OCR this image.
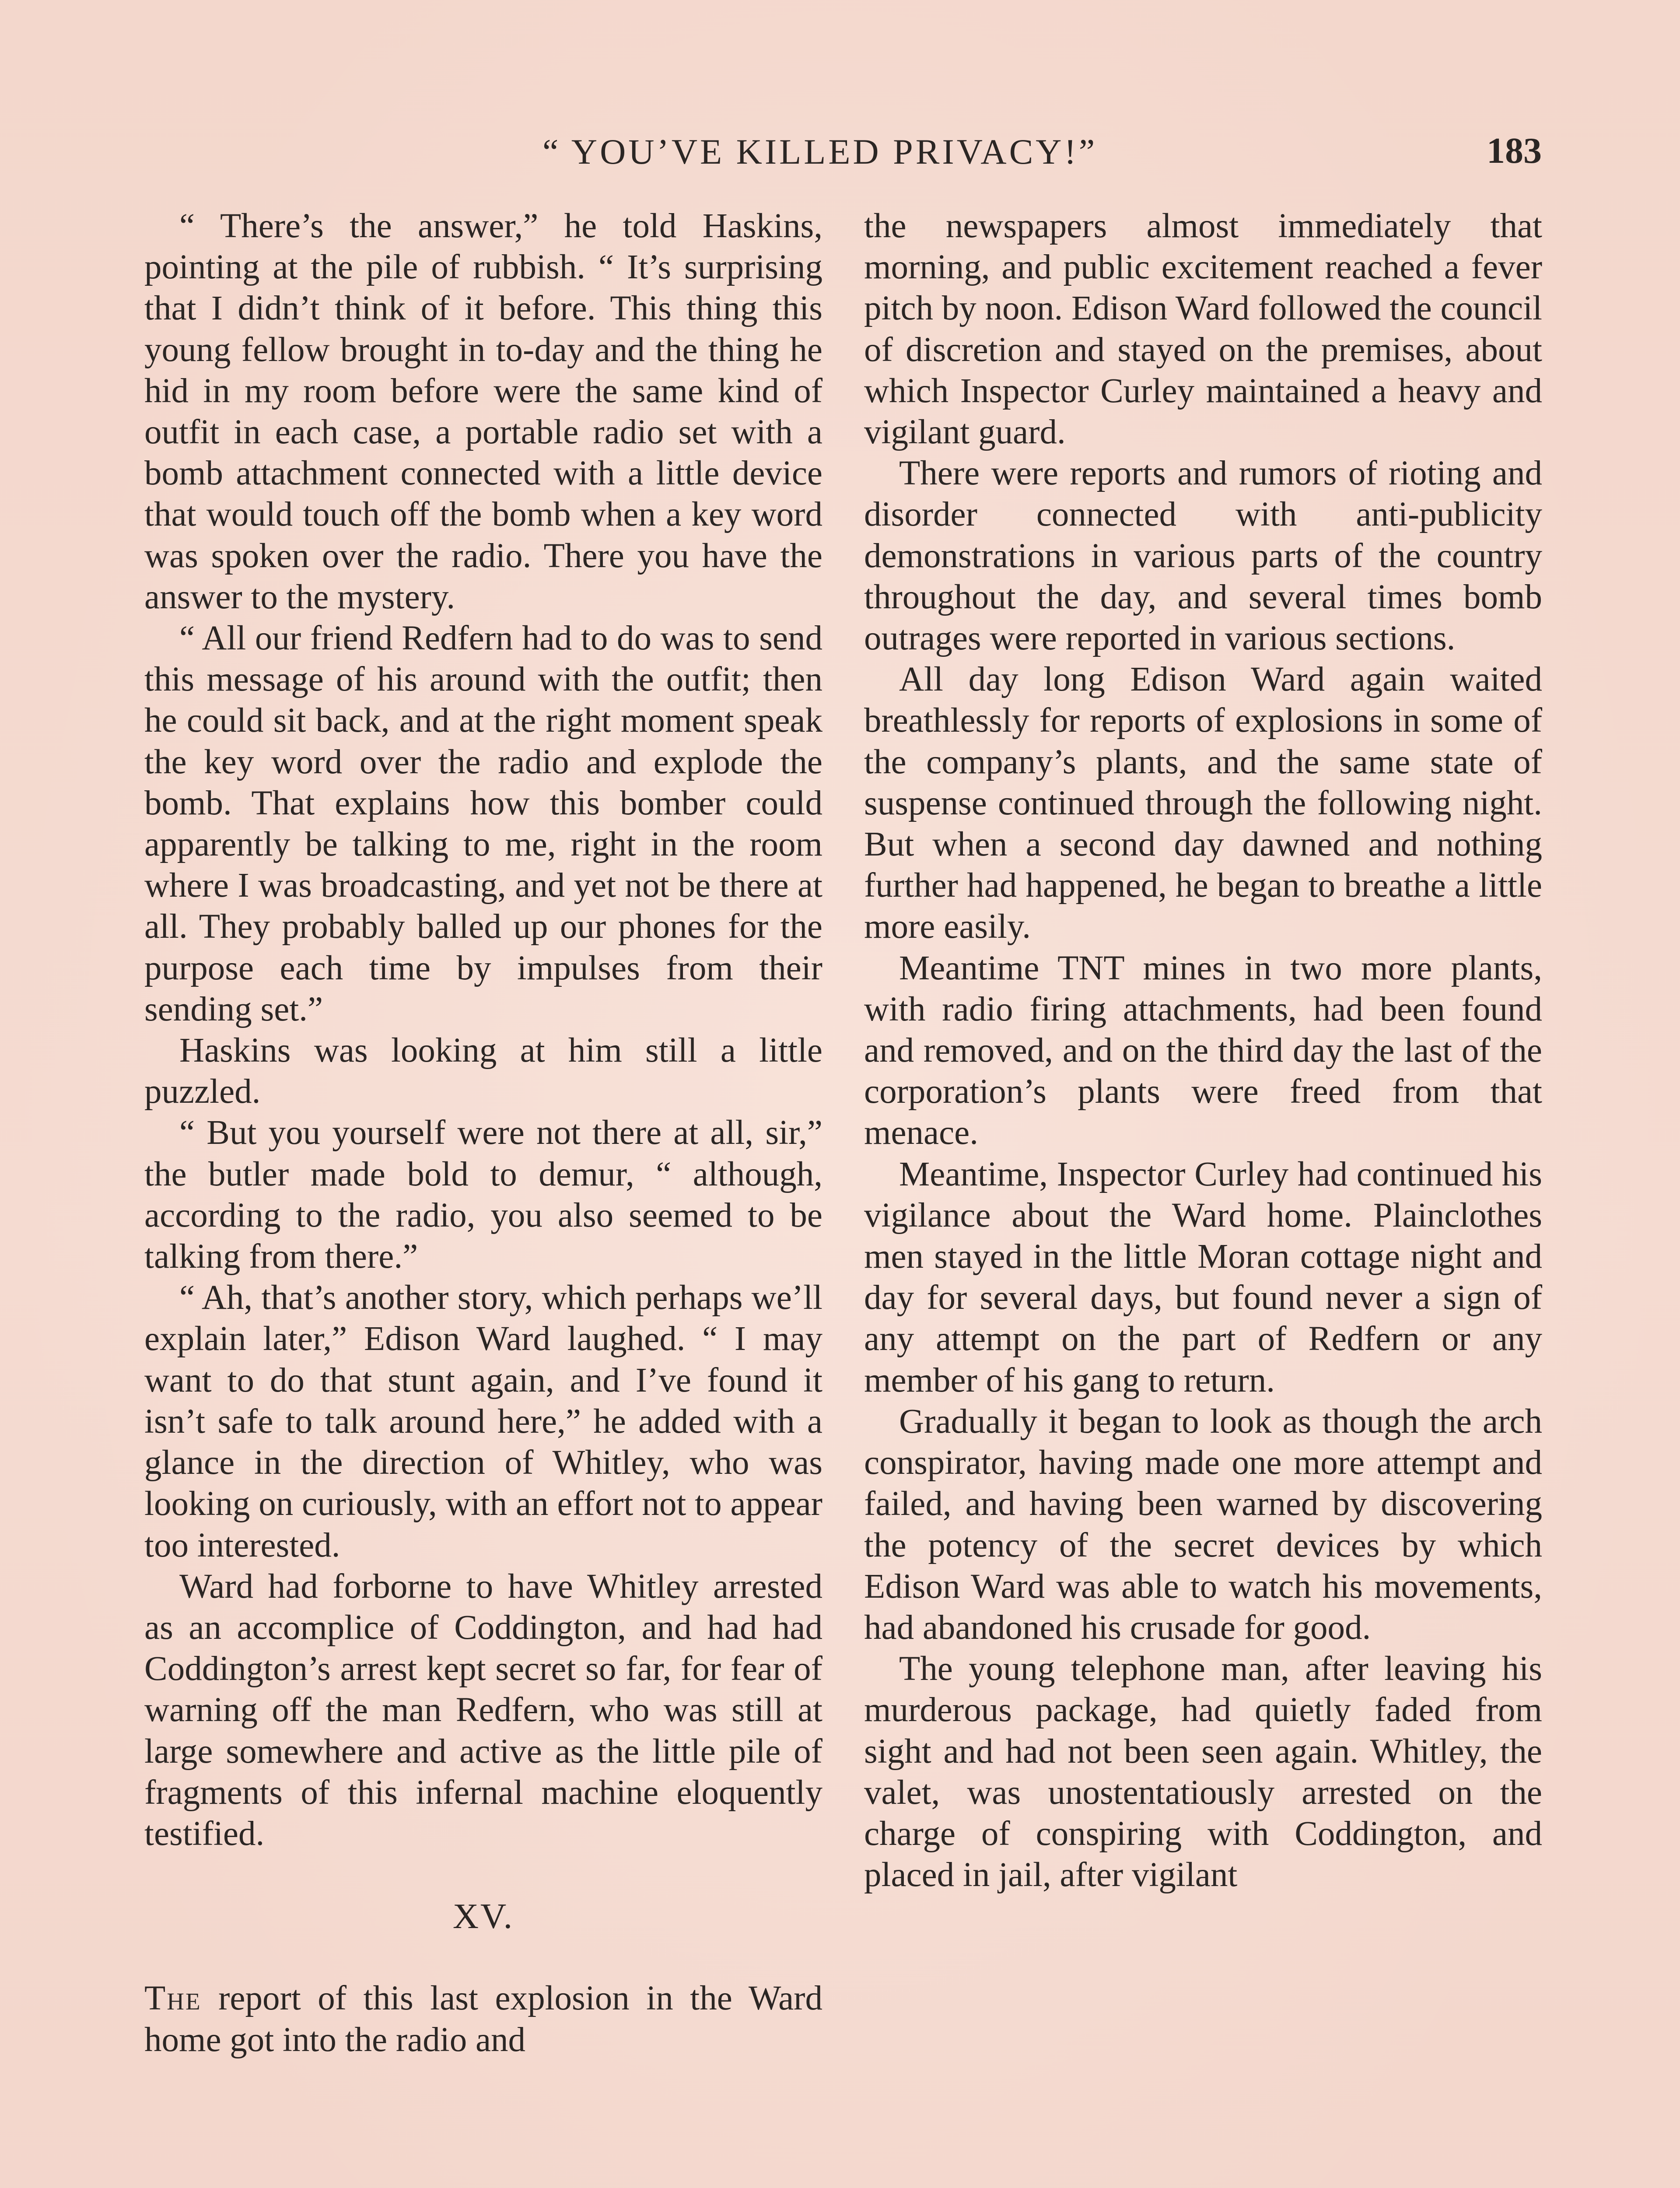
“ YOU’VE KILLED PRIVACY!”	183

“ There’s the answer,” he told Haskins, pointing at the pile of rubbish. “ It’s surprising that I didn’t think of it before. This thing this young fellow brought in to-day and the thing he hid in my room before were the same kind of outfit in each case, a portable radio set with a bomb attachment connected with a little device that would touch off the bomb when a key word was spoken over the radio. There you have the answer to the mystery.

“ All our friend Redfern had to do was to send this message of his around with the outfit; then he could sit back, and at the right moment speak the key word over the radio and explode the bomb. That explains how this bomber could apparently be talking to me, right in the room where I was broadcasting, and yet not be there at all. They probably balled up our phones for the purpose each time by impulses from their sending set.”

Haskins was looking at him still a little puzzled.

“ But you yourself were not there at all, sir,” the butler made bold to demur, “ although, according to the radio, you also seemed to be talking from there.”

“ Ah, that’s another story, which perhaps we’ll explain later,” Edison Ward laughed. “ I may want to do that stunt again, and I’ve found it isn’t safe to talk around here,” he added with a glance in the direction of Whitley, who was looking on curiously, with an effort not to appear too interested.

Ward had forborne to have Whitley arrested as an accomplice of Coddington, and had had Coddington’s arrest kept secret so far, for fear of warning off the man Redfern, who was still at large somewhere and active as the little pile of fragments of this infernal machine eloquently testified.

XV.

The report of this last explosion in the Ward home got into the radio and

the newspapers almost immediately that morning, and public excitement reached a fever pitch by noon. Edison Ward followed the council of discretion and stayed on the premises, about which Inspector Curley maintained a heavy and vigilant guard.

There were reports and rumors of rioting and disorder connected with anti-publicity demonstrations in various parts of the country throughout the day, and several times bomb outrages were reported in various sections.

All day long Edison Ward again waited breathlessly for reports of explosions in some of the company’s plants, and the same state of suspense continued through the following night. But when a second day dawned and nothing further had happened, he began to breathe a little more easily.

Meantime TNT mines in two more plants, with radio firing attachments, had been found and removed, and on the third day the last of the corporation’s plants were freed from that menace.

Meantime, Inspector Curley had continued his vigilance about the Ward home. Plainclothes men stayed in the little Moran cottage night and day for several days, but found never a sign of any attempt on the part of Redfern or any member of his gang to return.

Gradually it began to look as though the arch conspirator, having made one more attempt and failed, and having been warned by discovering the potency of the secret devices by which Edison Ward was able to watch his movements, had abandoned his crusade for good.

The young telephone man, after leaving his murderous package, had quietly faded from sight and had not been seen again. Whitley, the valet, was unostentatiously arrested on the charge of conspiring with Coddington, and placed in jail, after vigilant
